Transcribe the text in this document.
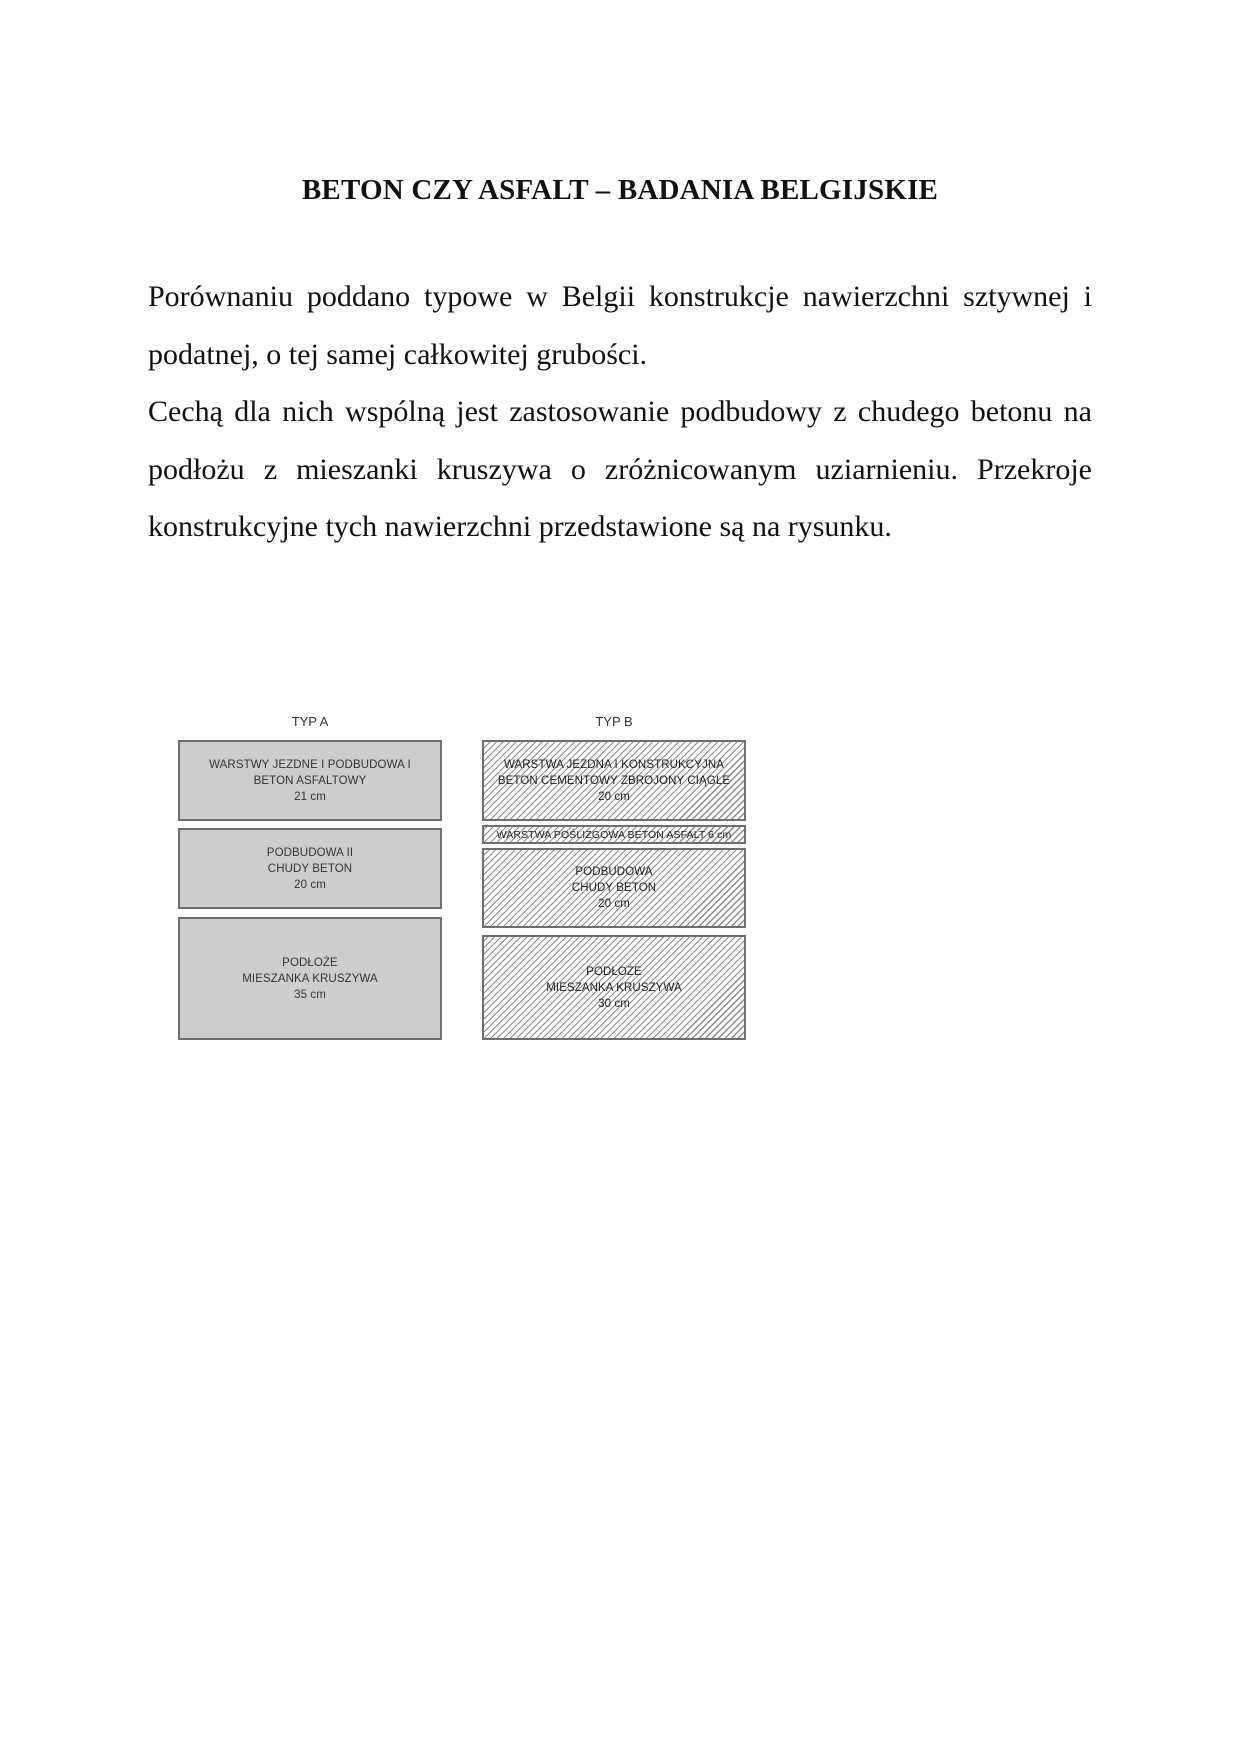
BETON CZY ASFALT – BADANIA BELGIJSKIE

Porównaniu poddano typowe w Belgii konstrukcje nawierzchni sztywnej i podatnej, o tej samej całkowitej grubości.

Cechą dla nich wspólną jest zastosowanie podbudowy z chudego betonu na podłożu z mieszanki kruszywa o zróżnicowanym uziarnieniu. Przekroje konstrukcyjne tych nawierzchni przedstawione są na rysunku.

TYP A
WARSTWY JEZDNE I PODBUDOWA I
BETON ASFALTOWY
21 cm
PODBUDOWA II
CHUDY BETON
20 cm
PODŁOŻE
MIESZANKA KRUSZYWA
35 cm
TYP B
WARSTWA JEZDNA I KONSTRUKCYJNA
BETON CEMENTOWY ZBROJONY CIĄGLE
20 cm
WARSTWA POŚLIZGOWA BETON ASFALT 6 cm
PODBUDOWA
CHUDY BETON
20 cm
PODŁOŻE
MIESZANKA KRUSZYWA
30 cm
